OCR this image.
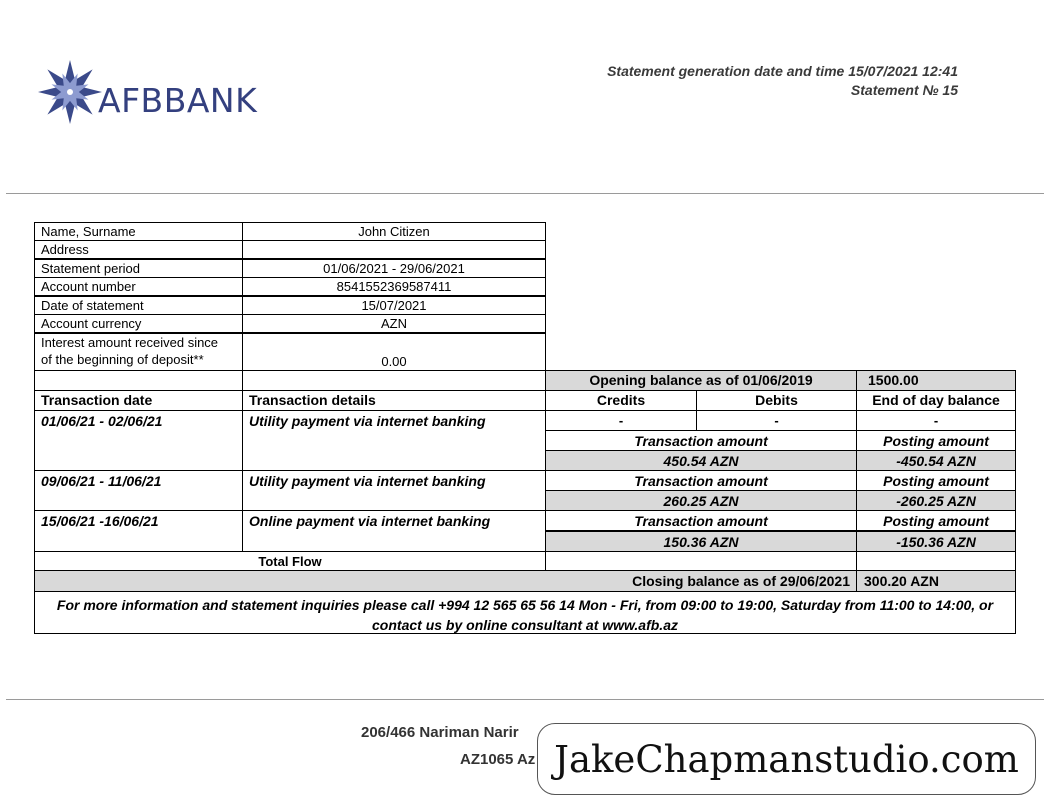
AFBBANK
Statement generation date and time 15/07/2021 12:41
Statement № 15
Name, Surname	John Citizen
Address
Statement period	01/06/2021 - 29/06/2021
Account number	8541552369587411
Date of statement	15/07/2021
Account currency	AZN
Interest amount received since
of the beginning of deposit**	0.00
Opening balance as of 01/06/2019	1500.00
Transaction date	Transaction details	Credits	Debits	End of day balance
01/06/21 - 02/06/21	Utility payment via internet banking	-	-	-
Transaction amount	Posting amount
450.54 AZN	-450.54 AZN
09/06/21 - 11/06/21	Utility payment via internet banking	Transaction amount	Posting amount
260.25 AZN	-260.25 AZN
15/06/21 -16/06/21	Online payment via internet banking	Transaction amount	Posting amount
150.36 AZN	-150.36 AZN
Total Flow
Closing balance as of 29/06/2021	300.20 AZN
For more information and statement inquiries please call +994 12 565 65 56 14 Mon - Fri, from 09:00 to 19:00, Saturday from 11:00 to 14:00, or
contact us by online consultant at www.afb.az
206/466 Nariman Narir
AZ1065 Az JakeChapmanstudio.com
